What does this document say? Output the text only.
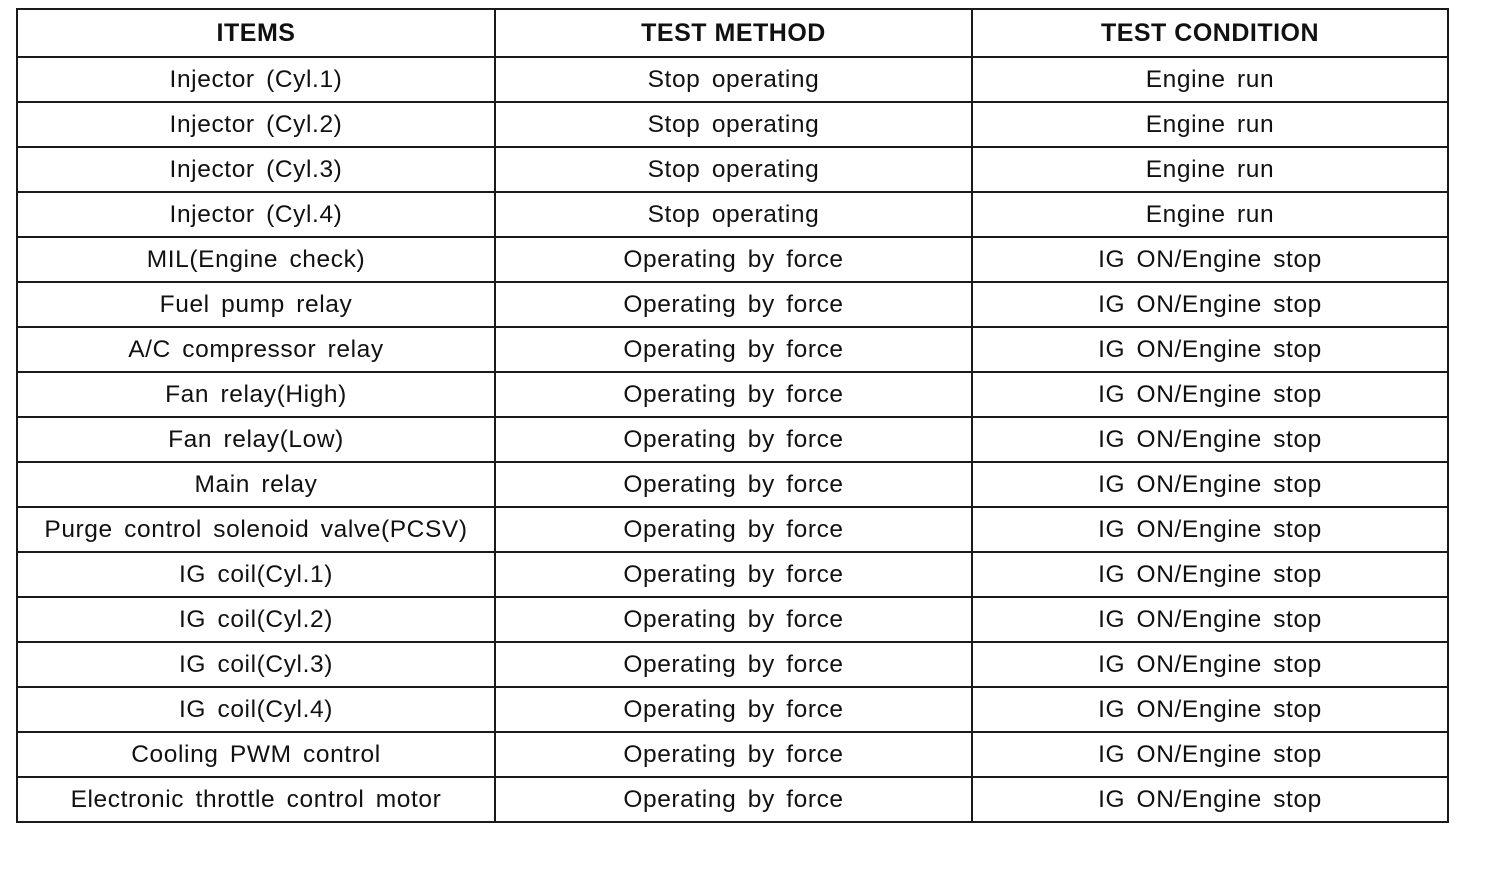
ITEMS	TEST METHOD	TEST CONDITION
Injector (Cyl.1)	Stop operating	Engine run
Injector (Cyl.2)	Stop operating	Engine run
Injector (Cyl.3)	Stop operating	Engine run
Injector (Cyl.4)	Stop operating	Engine run
MIL(Engine check)	Operating by force	IG ON/Engine stop
Fuel pump relay	Operating by force	IG ON/Engine stop
A/C compressor relay	Operating by force	IG ON/Engine stop
Fan relay(High)	Operating by force	IG ON/Engine stop
Fan relay(Low)	Operating by force	IG ON/Engine stop
Main relay	Operating by force	IG ON/Engine stop
Purge control solenoid valve(PCSV)	Operating by force	IG ON/Engine stop
IG coil(Cyl.1)	Operating by force	IG ON/Engine stop
IG coil(Cyl.2)	Operating by force	IG ON/Engine stop
IG coil(Cyl.3)	Operating by force	IG ON/Engine stop
IG coil(Cyl.4)	Operating by force	IG ON/Engine stop
Cooling PWM control	Operating by force	IG ON/Engine stop
Electronic throttle control motor	Operating by force	IG ON/Engine stop
